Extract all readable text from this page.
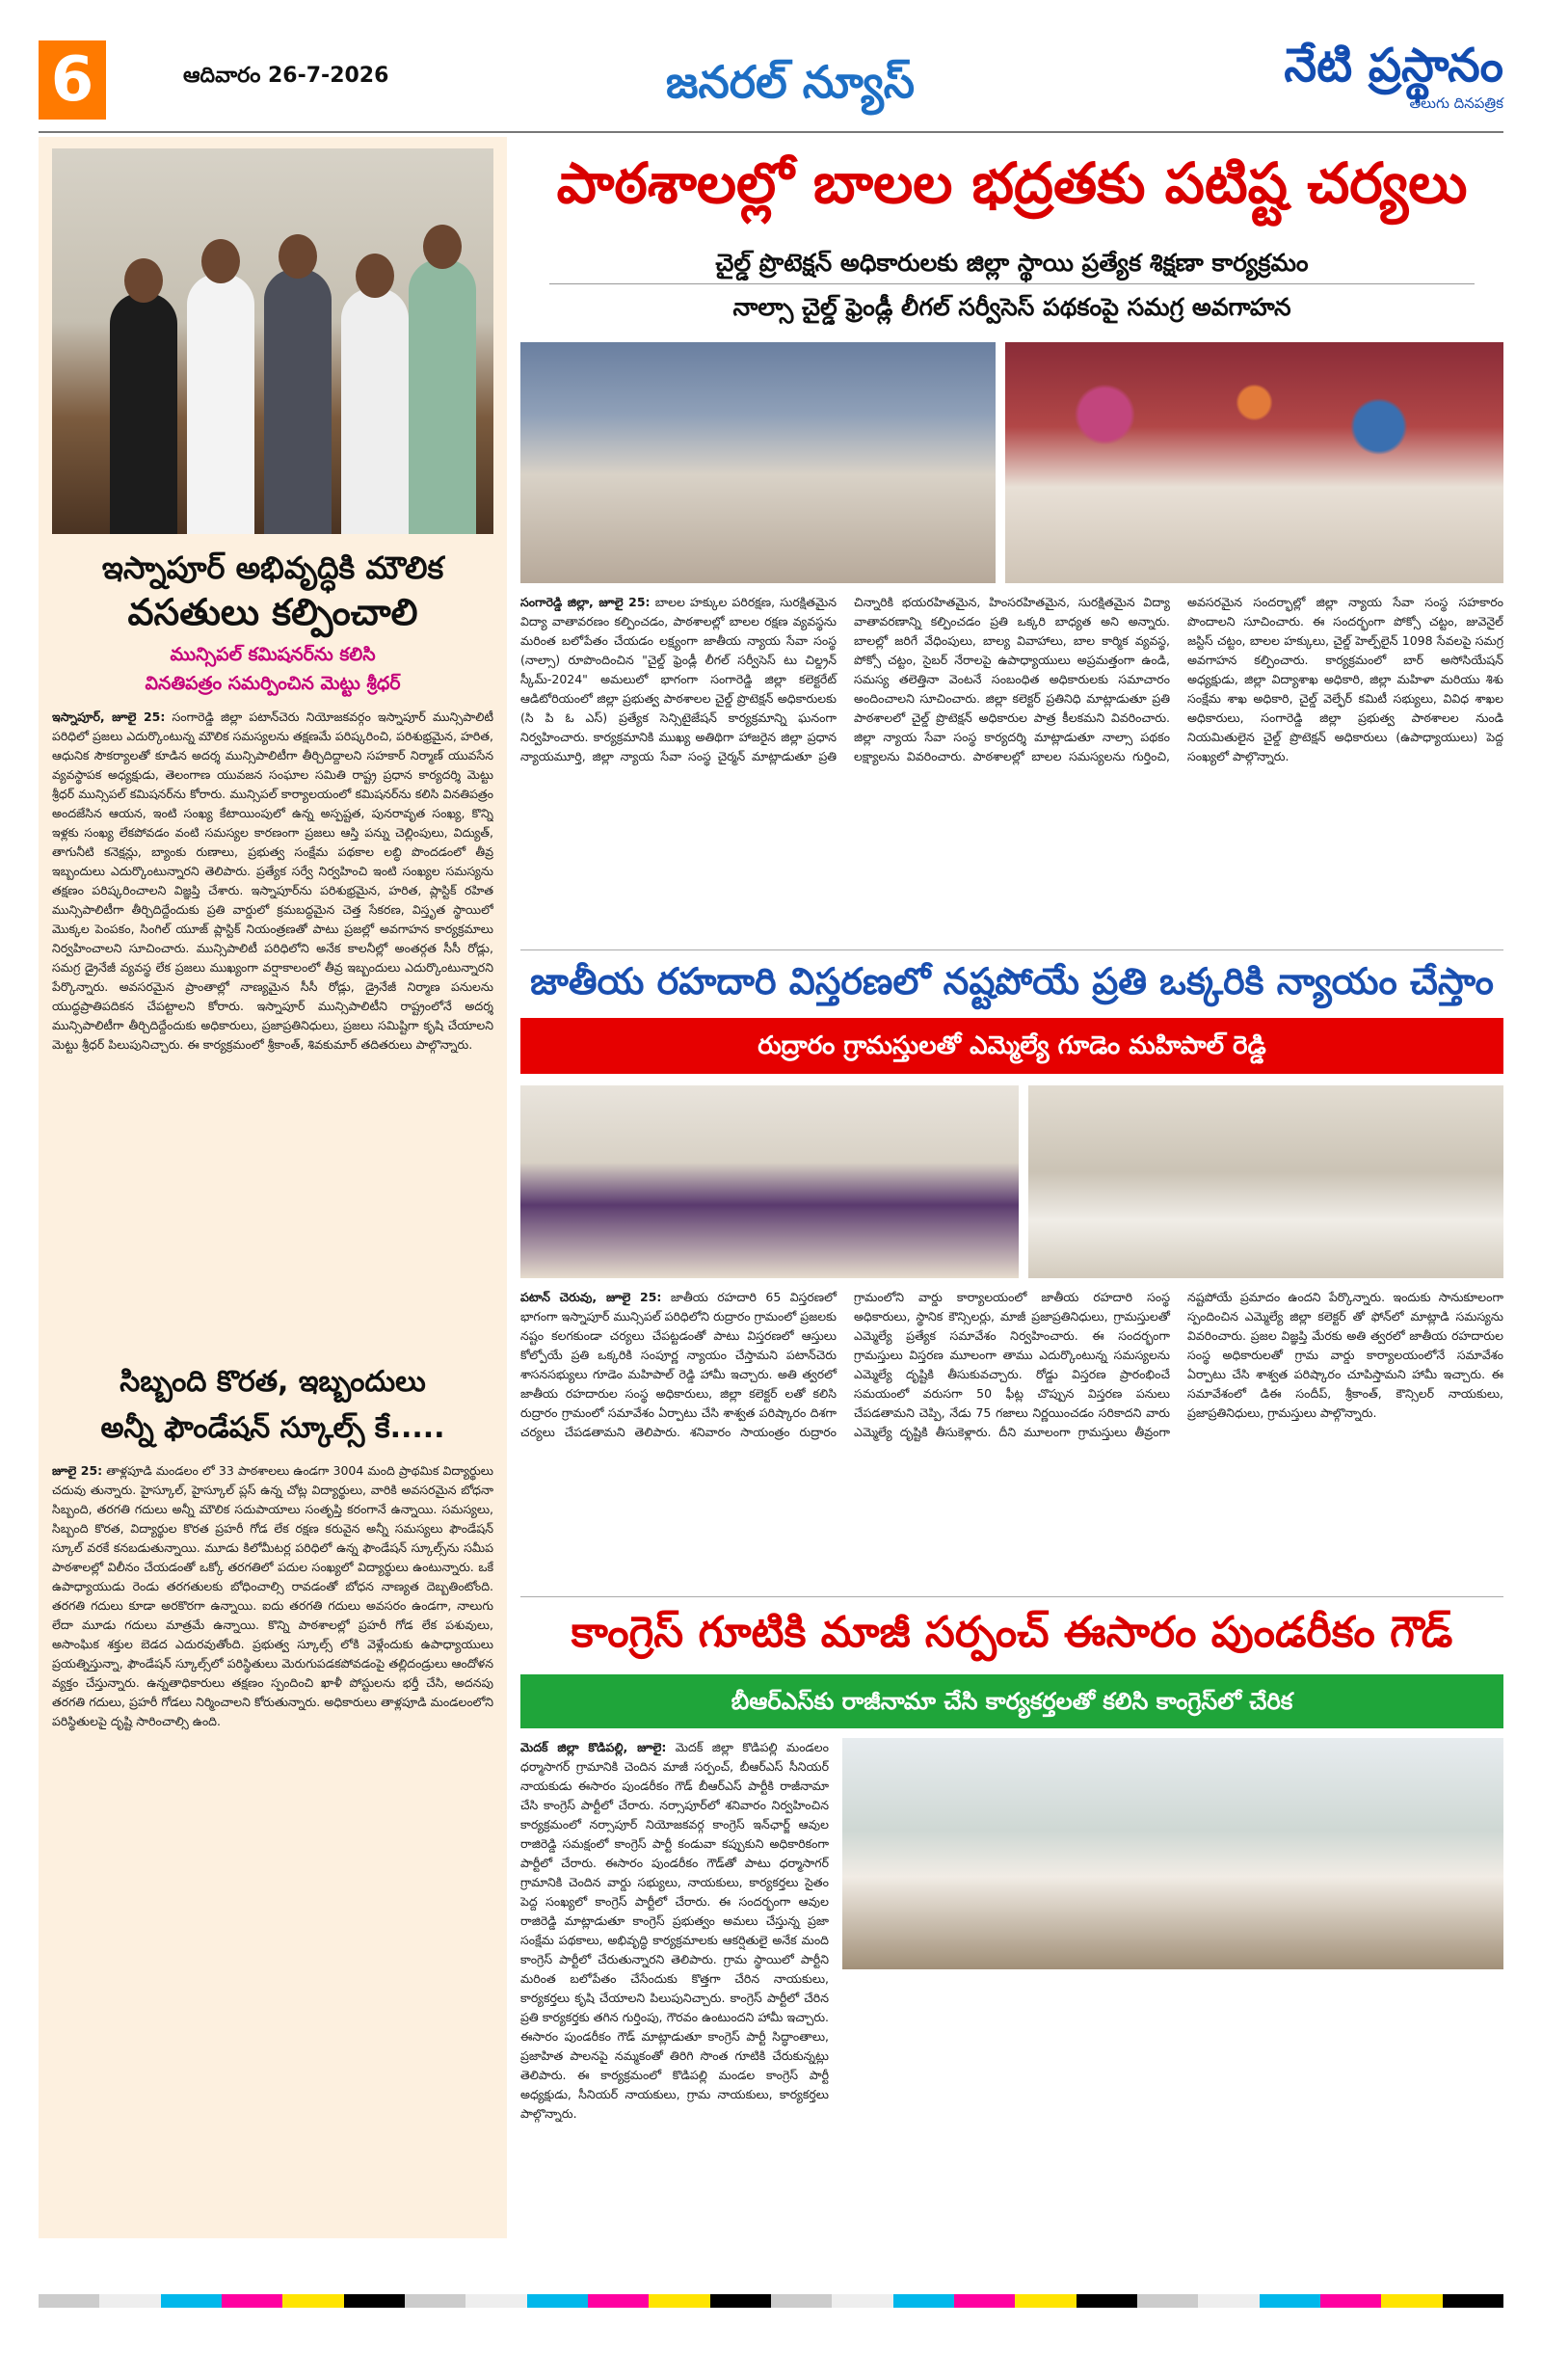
6	ఆదివారం 26-7-2026	జనరల్ న్యూస్	నేటి ప్రస్థానం
తెలుగు దినపత్రిక
ఇస్నాపూర్ అభివృద్ధికి మౌలిక
వసతులు కల్పించాలి
మున్సిపల్ కమిషనర్‌ను కలిసి
వినతిపత్రం సమర్పించిన మెట్టు శ్రీధర్
ఇస్నాపూర్, జూలై 25: సంగారెడ్డి జిల్లా పటాన్‌చెరు నియోజకవర్గం ఇస్నాపూర్ మున్సిపాలిటీ పరిధిలో ప్రజలు ఎదుర్కొంటున్న మౌలిక సమస్యలను తక్షణమే పరిష్కరించి, పరిశుభ్రమైన, హరిత, ఆధునిక సౌకర్యాలతో కూడిన అదర్శ మున్సిపాలిటీగా తీర్చిదిద్దాలని సహకార్ నిర్మాణ్ యువసేన వ్యవస్థాపక అధ్యక్షుడు, తెలంగాణ యువజన సంఘాల సమితి రాష్ట్ర ప్రధాన కార్యదర్శి మెట్టు శ్రీధర్ మున్సిపల్ కమిషనర్‌ను కోరారు. మున్సిపల్ కార్యాలయంలో కమిషనర్‌ను కలిసి వినతిపత్రం అందజేసిన ఆయన, ఇంటి సంఖ్య కేటాయింపులో ఉన్న అస్పష్టత, పునరావృత సంఖ్య, కొన్ని ఇళ్లకు సంఖ్య లేకపోవడం వంటి సమస్యల కారణంగా ప్రజలు ఆస్తి పన్ను చెల్లింపులు, విద్యుత్, తాగునీటి కనెక్షన్లు, బ్యాంకు రుణాలు, ప్రభుత్వ సంక్షేమ పథకాల లబ్ధి పొందడంలో తీవ్ర ఇబ్బందులు ఎదుర్కొంటున్నారని తెలిపారు. ప్రత్యేక సర్వే నిర్వహించి ఇంటి సంఖ్యల సమస్యను తక్షణం పరిష్కరించాలని విజ్ఞప్తి చేశారు. ఇస్నాపూర్‌ను పరిశుభ్రమైన, హరిత, ప్లాస్టిక్ రహిత మున్సిపాలిటీగా తీర్చిదిద్దేందుకు ప్రతి వార్డులో క్రమబద్ధమైన చెత్త సేకరణ, విస్తృత స్థాయిలో మొక్కల పెంపకం, సింగిల్ యూజ్ ప్లాస్టిక్ నియంత్రణతో పాటు ప్రజల్లో అవగాహన కార్యక్రమాలు నిర్వహించాలని సూచించారు. మున్సిపాలిటీ పరిధిలోని అనేక కాలనీల్లో అంతర్గత సీసీ రోడ్లు, సమగ్ర డ్రైనేజీ వ్యవస్థ లేక ప్రజలు ముఖ్యంగా వర్షాకాలంలో తీవ్ర ఇబ్బందులు ఎదుర్కొంటున్నారని పేర్కొన్నారు. అవసరమైన ప్రాంతాల్లో నాణ్యమైన సీసీ రోడ్లు, డ్రైనేజీ నిర్మాణ పనులను యుద్ధప్రాతిపదికన చేపట్టాలని కోరారు. ఇస్నాపూర్ మున్సిపాలిటీని రాష్ట్రంలోనే అదర్శ మున్సిపాలిటీగా తీర్చిదిద్దేందుకు అధికారులు, ప్రజాప్రతినిధులు, ప్రజలు సమిష్టిగా కృషి చేయాలని మెట్టు శ్రీధర్ పిలుపునిచ్చారు. ఈ కార్యక్రమంలో శ్రీకాంత్, శివకుమార్ తదితరులు పాల్గొన్నారు.
సిబ్బంది కొరత, ఇబ్బందులు
అన్నీ ఫౌండేషన్ స్కూల్స్ కే.....
జూలై 25: తాళ్లపూడి మండలం లో 33 పాఠశాలలు ఉండగా 3004 మంది ప్రాథమిక విద్యార్థులు చదువు తున్నారు. హైస్కూల్, హైస్కూల్ ప్లస్ ఉన్న చోట్ల విద్యార్థులు, వారికి అవసరమైన బోధనా సిబ్బంది, తరగతి గదులు అన్నీ మౌలిక సదుపాయాలు సంతృప్తి కరంగానే ఉన్నాయి. సమస్యలు, సిబ్బంది కొరత, విద్యార్థుల కొరత ప్రహరీ గోడ లేక రక్షణ కరువైన అన్నీ సమస్యలు ఫౌండేషన్ స్కూల్ వరకే కనబడుతున్నాయి. మూడు కిలోమీటర్ల పరిధిలో ఉన్న ఫౌండేషన్ స్కూల్స్‌ను సమీప పాఠశాలల్లో విలీనం చేయడంతో ఒక్కో తరగతిలో పదుల సంఖ్యలో విద్యార్థులు ఉంటున్నారు. ఒకే ఉపాధ్యాయుడు రెండు తరగతులకు బోధించాల్సి రావడంతో బోధన నాణ్యత దెబ్బతింటోంది. తరగతి గదులు కూడా అరకొరగా ఉన్నాయి. ఐదు తరగతి గదులు అవసరం ఉండగా, నాలుగు లేదా మూడు గదులు మాత్రమే ఉన్నాయి. కొన్ని పాఠశాలల్లో ప్రహరీ గోడ లేక పశువులు, అసాంఘిక శక్తుల బెడద ఎదురవుతోంది. ప్రభుత్వ స్కూల్స్ లోకి వెళ్లేందుకు ఉపాధ్యాయులు ప్రయత్నిస్తున్నా, ఫౌండేషన్ స్కూల్స్‌లో పరిస్థితులు మెరుగుపడకపోవడంపై తల్లిదండ్రులు ఆందోళన వ్యక్తం చేస్తున్నారు. ఉన్నతాధికారులు తక్షణం స్పందించి ఖాళీ పోస్టులను భర్తీ చేసి, అదనపు తరగతి గదులు, ప్రహరీ గోడలు నిర్మించాలని కోరుతున్నారు. అధికారులు తాళ్లపూడి మండలంలోని పరిస్థితులపై దృష్టి సారించాల్సి ఉంది.
పాఠశాలల్లో బాలల భద్రతకు పటిష్ట చర్యలు
చైల్డ్ ప్రొటెక్షన్ అధికారులకు జిల్లా స్థాయి ప్రత్యేక శిక్షణా కార్యక్రమం
నాల్సా చైల్డ్ ఫ్రెండ్లీ లీగల్ సర్వీసెస్ పథకంపై సమగ్ర అవగాహన
సంగారెడ్డి జిల్లా, జూలై 25: బాలల హక్కుల పరిరక్షణ, సురక్షితమైన విద్యా వాతావరణం కల్పించడం, పాఠశాలల్లో బాలల రక్షణ వ్యవస్థను మరింత బలోపేతం చేయడం లక్ష్యంగా జాతీయ న్యాయ సేవా సంస్థ (నాల్సా) రూపొందించిన "చైల్డ్ ఫ్రెండ్లీ లీగల్ సర్వీసెస్ టు చిల్డ్రన్ స్కీమ్-2024" అమలులో భాగంగా సంగారెడ్డి జిల్లా కలెక్టరేట్ ఆడిటోరియంలో జిల్లా ప్రభుత్వ పాఠశాలల చైల్డ్ ప్రొటెక్షన్ అధికారులకు (సి పి ఓ ఎస్) ప్రత్యేక సెన్సిటైజేషన్ కార్యక్రమాన్ని ఘనంగా నిర్వహించారు. కార్యక్రమానికి ముఖ్య అతిథిగా హాజరైన జిల్లా ప్రధాన న్యాయమూర్తి, జిల్లా న్యాయ సేవా సంస్థ చైర్మన్ మాట్లాడుతూ ప్రతి చిన్నారికి భయరహితమైన, హింసరహితమైన, సురక్షితమైన విద్యా వాతావరణాన్ని కల్పించడం ప్రతి ఒక్కరి బాధ్యత అని అన్నారు. బాలల్లో జరిగే వేధింపులు, బాల్య వివాహాలు, బాల కార్మిక వ్యవస్థ, పోక్సో చట్టం, సైబర్ నేరాలపై ఉపాధ్యాయులు అప్రమత్తంగా ఉండి, సమస్య తలెత్తినా వెంటనే సంబంధిత అధికారులకు సమాచారం అందించాలని సూచించారు. జిల్లా కలెక్టర్ ప్రతినిధి మాట్లాడుతూ ప్రతి పాఠశాలలో చైల్డ్ ప్రొటెక్షన్ అధికారుల పాత్ర కీలకమని వివరించారు. జిల్లా న్యాయ సేవా సంస్థ కార్యదర్శి మాట్లాడుతూ నాల్సా పథకం లక్ష్యాలను వివరించారు. పాఠశాలల్లో బాలల సమస్యలను గుర్తించి, అవసరమైన సందర్భాల్లో జిల్లా న్యాయ సేవా సంస్థ సహకారం పొందాలని సూచించారు. ఈ సందర్భంగా పోక్సో చట్టం, జువెనైల్ జస్టిస్ చట్టం, బాలల హక్కులు, చైల్డ్ హెల్ప్‌లైన్ 1098 సేవలపై సమగ్ర అవగాహన కల్పించారు. కార్యక్రమంలో బార్ అసోసియేషన్ అధ్యక్షుడు, జిల్లా విద్యాశాఖ అధికారి, జిల్లా మహిళా మరియు శిశు సంక్షేమ శాఖ అధికారి, చైల్డ్ వెల్ఫేర్ కమిటీ సభ్యులు, వివిధ శాఖల అధికారులు, సంగారెడ్డి జిల్లా ప్రభుత్వ పాఠశాలల నుండి నియమితులైన చైల్డ్ ప్రొటెక్షన్ అధికారులు (ఉపాధ్యాయులు) పెద్ద సంఖ్యలో పాల్గొన్నారు.
జాతీయ రహదారి విస్తరణలో నష్టపోయే ప్రతి ఒక్కరికి న్యాయం చేస్తాం
రుద్రారం గ్రామస్తులతో ఎమ్మెల్యే గూడెం మహిపాల్ రెడ్డి
పటాన్ చెరువు, జూలై 25: జాతీయ రహదారి 65 విస్తరణలో భాగంగా ఇస్నాపూర్ మున్సిపల్ పరిధిలోని రుద్రారం గ్రామంలో ప్రజలకు నష్టం కలగకుండా చర్యలు చేపట్టడంతో పాటు విస్తరణలో ఆస్తులు కోల్పోయే ప్రతి ఒక్కరికి సంపూర్ణ న్యాయం చేస్తామని పటాన్‌చెరు శాసనసభ్యులు గూడెం మహిపాల్ రెడ్డి హామీ ఇచ్చారు. అతి త్వరలో జాతీయ రహదారుల సంస్థ అధికారులు, జిల్లా కలెక్టర్ లతో కలిసి రుద్రారం గ్రామంలో సమావేశం ఏర్పాటు చేసి శాశ్వత పరిష్కారం దిశగా చర్యలు చేపడతామని తెలిపారు. శనివారం సాయంత్రం రుద్రారం గ్రామంలోని వార్డు కార్యాలయంలో జాతీయ రహదారి సంస్థ అధికారులు, స్థానిక కౌన్సిలర్లు, మాజీ ప్రజాప్రతినిధులు, గ్రామస్తులతో ఎమ్మెల్యే ప్రత్యేక సమావేశం నిర్వహించారు. ఈ సందర్భంగా గ్రామస్తులు విస్తరణ మూలంగా తాము ఎదుర్కొంటున్న సమస్యలను ఎమ్మెల్యే దృష్టికి తీసుకువచ్చారు. రోడ్డు విస్తరణ ప్రారంభించే సమయంలో వరుసగా 50 ఫీట్ల చొప్పున విస్తరణ పనులు చేపడతామని చెప్పి, నేడు 75 గజాలు నిర్ణయించడం సరికాదని వారు ఎమ్మెల్యే దృష్టికి తీసుకెళ్లారు. దీని మూలంగా గ్రామస్తులు తీవ్రంగా నష్టపోయే ప్రమాదం ఉందని పేర్కొన్నారు. ఇందుకు సానుకూలంగా స్పందించిన ఎమ్మెల్యే జిల్లా కలెక్టర్ తో ఫోన్‌లో మాట్లాడి సమస్యను వివరించారు. ప్రజల విజ్ఞప్తి మేరకు అతి త్వరలో జాతీయ రహదారుల సంస్థ అధికారులతో గ్రామ వార్డు కార్యాలయంలోనే సమావేశం ఏర్పాటు చేసి శాశ్వత పరిష్కారం చూపిస్తామని హామీ ఇచ్చారు. ఈ సమావేశంలో డిఈ సందీప్, శ్రీకాంత్, కౌన్సిలర్ నాయకులు, ప్రజాప్రతినిధులు, గ్రామస్తులు పాల్గొన్నారు.
కాంగ్రెస్ గూటికి మాజీ సర్పంచ్ ఈసారం పుండరీకం గౌడ్
బీఆర్ఎస్‌కు రాజీనామా చేసి కార్యకర్తలతో కలిసి కాంగ్రెస్‌లో చేరిక
మెదక్ జిల్లా కొడిపల్లి, జూలై: మెదక్ జిల్లా కొడిపల్లి మండలం ధర్మాసాగర్ గ్రామానికి చెందిన మాజీ సర్పంచ్, బీఆర్ఎస్ సీనియర్ నాయకుడు ఈసారం పుండరీకం గౌడ్ బీఆర్ఎస్ పార్టీకి రాజీనామా చేసి కాంగ్రెస్ పార్టీలో చేరారు. నర్సాపూర్‌లో శనివారం నిర్వహించిన కార్యక్రమంలో నర్సాపూర్ నియోజకవర్గ కాంగ్రెస్ ఇన్‌ఛార్జ్ ఆవుల రాజిరెడ్డి సమక్షంలో కాంగ్రెస్ పార్టీ కండువా కప్పుకుని అధికారికంగా పార్టీలో చేరారు. ఈసారం పుండరీకం గౌడ్‌తో పాటు ధర్మాసాగర్ గ్రామానికి చెందిన వార్డు సభ్యులు, నాయకులు, కార్యకర్తలు సైతం పెద్ద సంఖ్యలో కాంగ్రెస్ పార్టీలో చేరారు. ఈ సందర్భంగా ఆవుల రాజిరెడ్డి మాట్లాడుతూ కాంగ్రెస్ ప్రభుత్వం అమలు చేస్తున్న ప్రజా సంక్షేమ పథకాలు, అభివృద్ధి కార్యక్రమాలకు ఆకర్షితులై అనేక మంది కాంగ్రెస్ పార్టీలో చేరుతున్నారని తెలిపారు. గ్రామ స్థాయిలో పార్టీని మరింత బలోపేతం చేసేందుకు కొత్తగా చేరిన నాయకులు, కార్యకర్తలు కృషి చేయాలని పిలుపునిచ్చారు. కాంగ్రెస్ పార్టీలో చేరిన ప్రతి కార్యకర్తకు తగిన గుర్తింపు, గౌరవం ఉంటుందని హామీ ఇచ్చారు. ఈసారం పుండరీకం గౌడ్ మాట్లాడుతూ కాంగ్రెస్ పార్టీ సిద్ధాంతాలు, ప్రజాహిత పాలనపై నమ్మకంతో తిరిగి సొంత గూటికి చేరుకున్నట్లు తెలిపారు. ఈ కార్యక్రమంలో కొడిపల్లి మండల కాంగ్రెస్ పార్టీ అధ్యక్షుడు, సీనియర్ నాయకులు, గ్రామ నాయకులు, కార్యకర్తలు పాల్గొన్నారు.
